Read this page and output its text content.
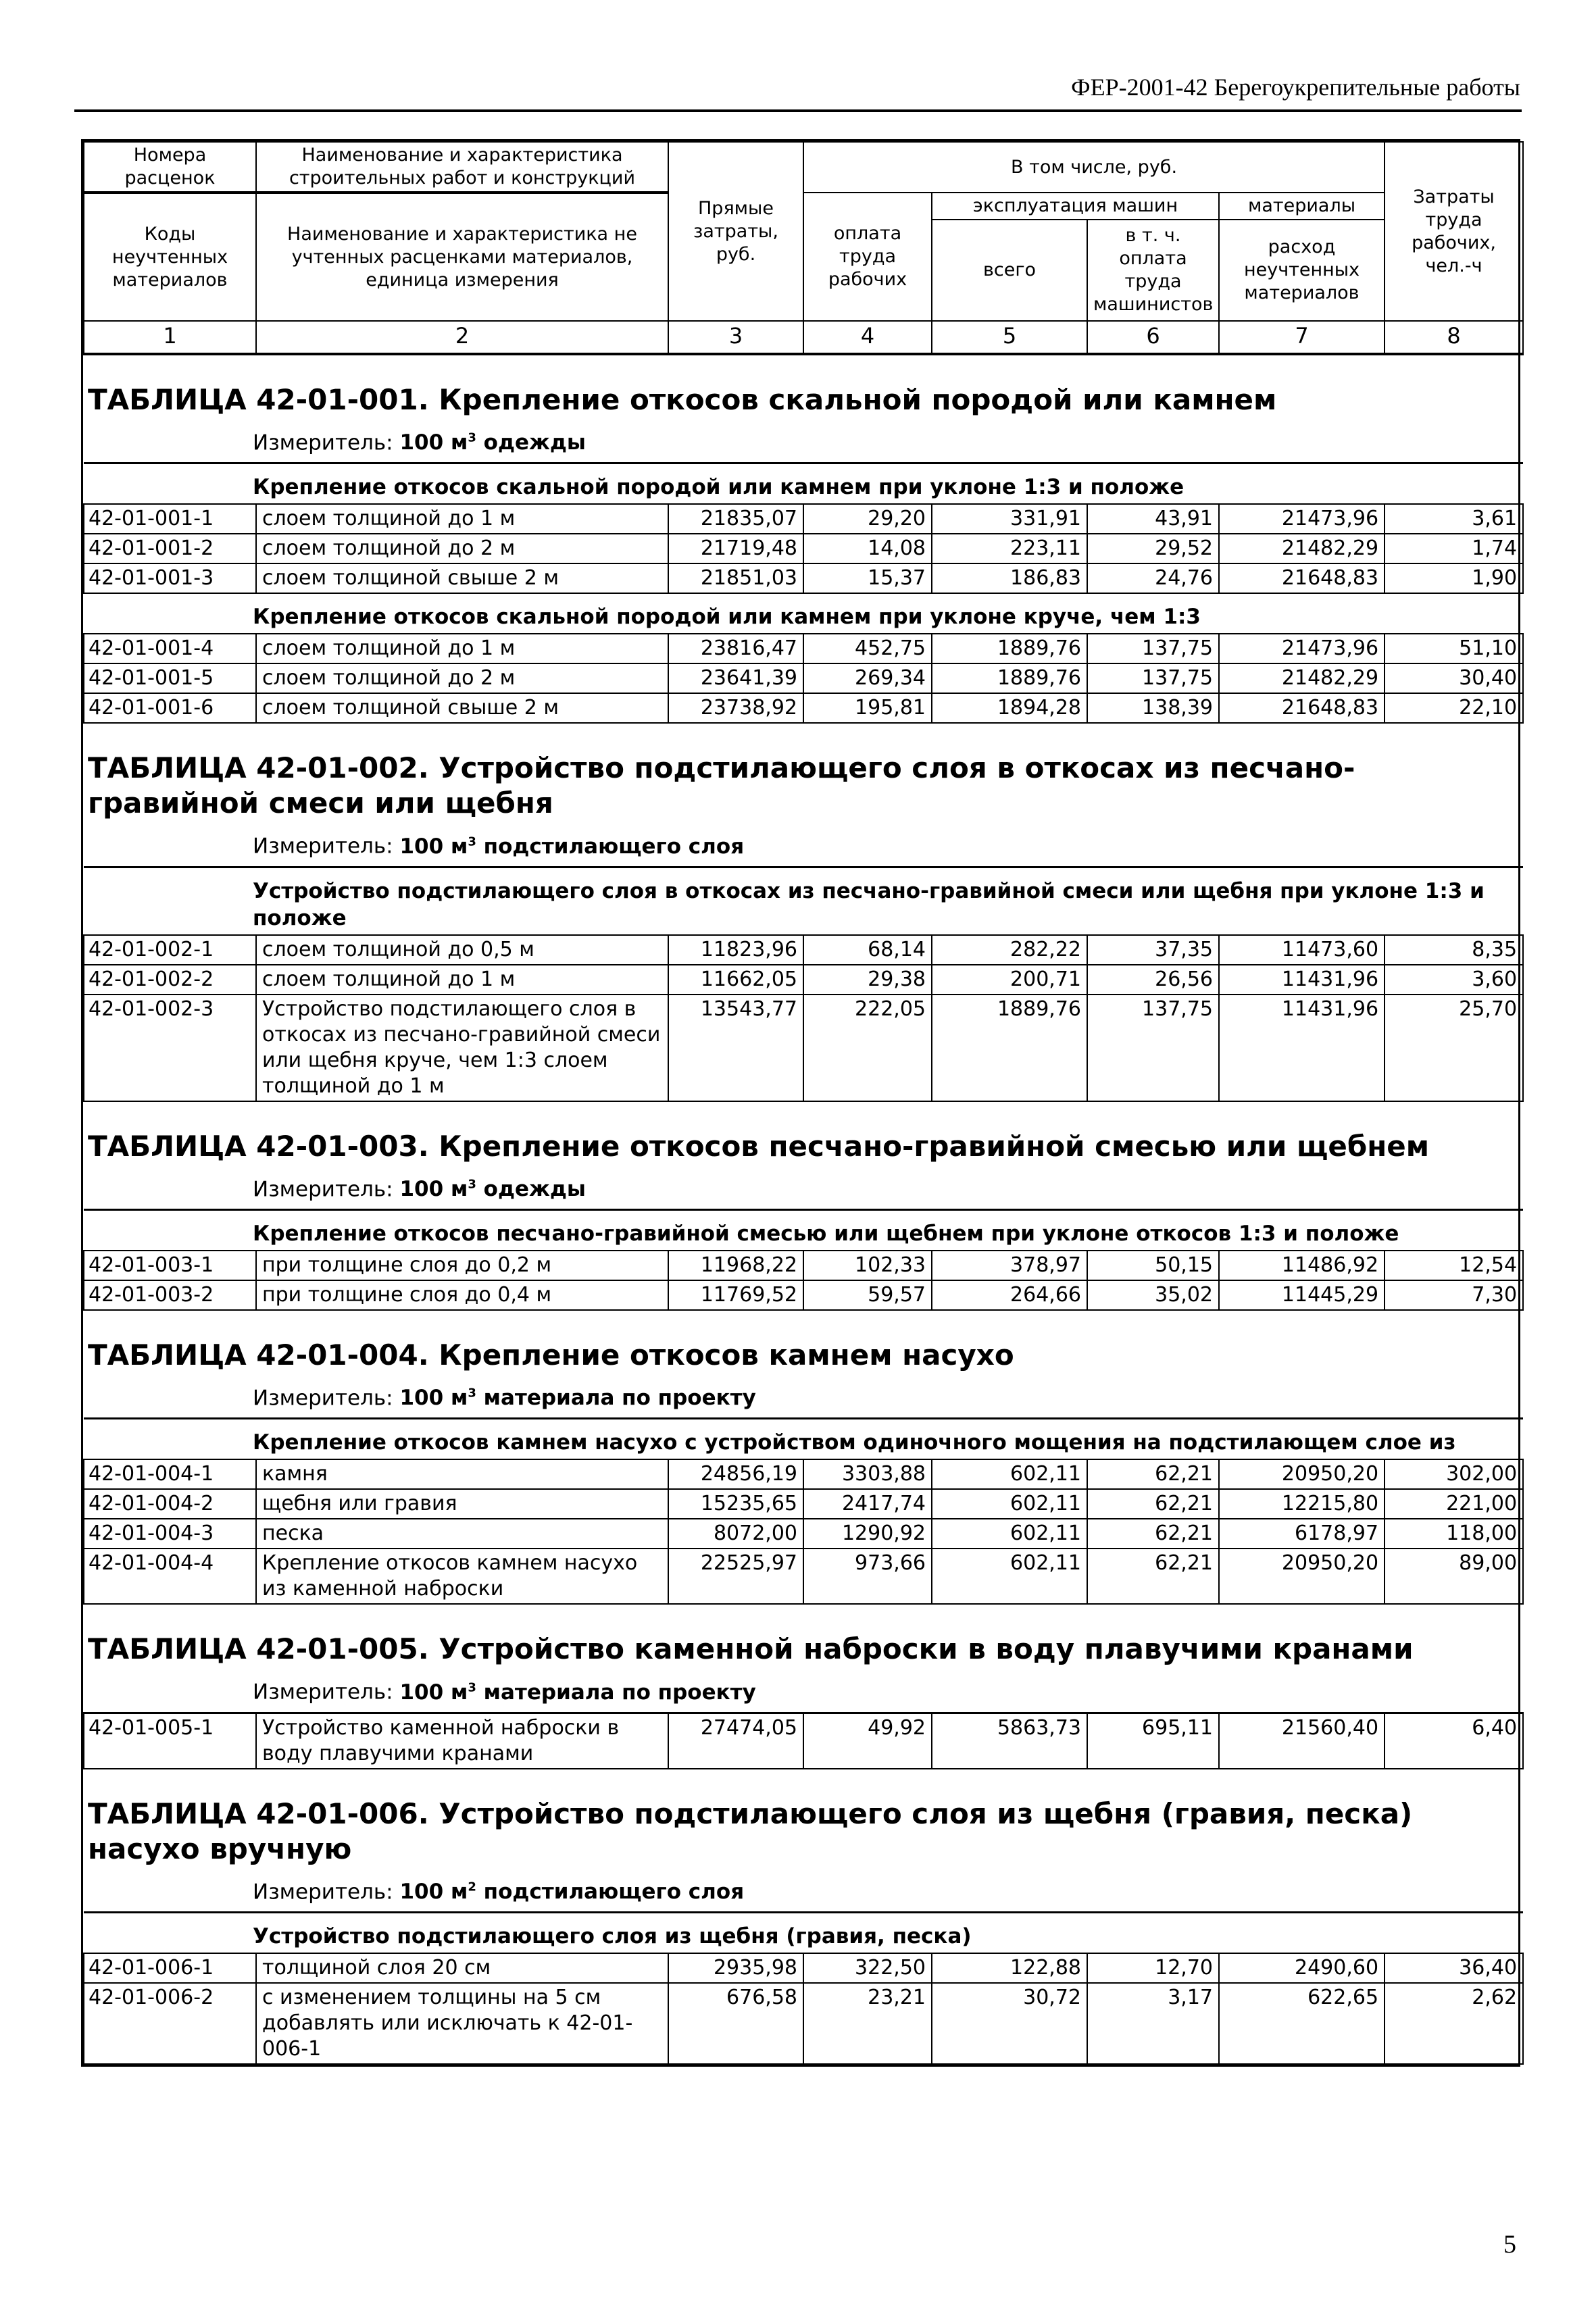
ФЕР-2001-42 Берегоукрепительные работы
Номера расценок	Наименование и характеристика строительных работ и конструкций	Прямые затраты, руб.	В том числе, руб.				Затраты труда рабочих, чел.-ч
Коды неучтенных материалов	Наименование и характеристика не учтенных расценками материалов, единица измерения		оплата труда рабочих	эксплуатация машин		материалы	
				всего	в т. ч. оплата труда машинистов	расход неучтенных материалов	
1	2	3	4	5	6	7	8
ТАБЛИЦА 42-01-001. Крепление откосов скальной породой или камнем							
Измеритель: 100 $м^3$ одежды							
Крепление откосов скальной породой или камнем при уклоне 1:3 и положе							
42-01-001-1	слоем толщиной до 1 м	21835,07	29,20	331,91	43,91	21473,96	3,61
42-01-001-2	слоем толщиной до 2 м	21719,48	14,08	223,11	29,52	21482,29	1,74
42-01-001-3	слоем толщиной свыше 2 м	21851,03	15,37	186,83	24,76	21648,83	1,90
Крепление откосов скальной породой или камнем при уклоне круче, чем 1:3							
42-01-001-4	слоем толщиной до 1 м	23816,47	452,75	1889,76	137,75	21473,96	51,10
42-01-001-5	слоем толщиной до 2 м	23641,39	269,34	1889,76	137,75	21482,29	30,40
42-01-001-6	слоем толщиной свыше 2 м	23738,92	195,81	1894,28	138,39	21648,83	22,10
ТАБЛИЦА 42-01-002. Устройство подстилающего слоя в откосах из песчано-гравийной смеси или щебня							
Измеритель: 100 $м^3$ подстилающего слоя							
Устройство подстилающего слоя в откосах из песчано-гравийной смеси или щебня при уклоне 1:3 и положе							
42-01-002-1	слоем толщиной до 0,5 м	11823,96	68,14	282,22	37,35	11473,60	8,35
42-01-002-2	слоем толщиной до 1 м	11662,05	29,38	200,71	26,56	11431,96	3,60
42-01-002-3	Устройство подстилающего слоя в откосах из песчано-гравийной смеси или щебня круче, чем 1:3 слоем толщиной до 1 м	13543,77	222,05	1889,76	137,75	11431,96	25,70
ТАБЛИЦА 42-01-003. Крепление откосов песчано-гравийной смесью или щебнем							
Измеритель: 100 $м^3$ одежды							
Крепление откосов песчано-гравийной смесью или щебнем при уклоне откосов 1:3 и положе							
42-01-003-1	при толщине слоя до 0,2 м	11968,22	102,33	378,97	50,15	11486,92	12,54
42-01-003-2	при толщине слоя до 0,4 м	11769,52	59,57	264,66	35,02	11445,29	7,30
ТАБЛИЦА 42-01-004. Крепление откосов камнем насухо							
Измеритель: 100 $м^3$ материала по проекту							
Крепление откосов камнем насухо с устройством одиночного мощения на подстилающем слое из							
42-01-004-1	камня	24856,19	3303,88	602,11	62,21	20950,20	302,00
42-01-004-2	щебня или гравия	15235,65	2417,74	602,11	62,21	12215,80	221,00
42-01-004-3	песка	8072,00	1290,92	602,11	62,21	6178,97	118,00
42-01-004-4	Крепление откосов камнем насухо из каменной наброски	22525,97	973,66	602,11	62,21	20950,20	89,00
ТАБЛИЦА 42-01-005. Устройство каменной наброски в воду плавучими кранами							
Измеритель: 100 $м^3$ материала по проекту							
42-01-005-1	Устройство каменной наброски в воду плавучими кранами	27474,05	49,92	5863,73	695,11	21560,40	6,40
ТАБЛИЦА 42-01-006. Устройство подстилающего слоя из щебня (гравия, песка) насухо вручную							
Измеритель: 100 $м^2$ подстилающего слоя							
Устройство подстилающего слоя из щебня (гравия, песка)							
42-01-006-1	толщиной слоя 20 см	2935,98	322,50	122,88	12,70	2490,60	36,40
42-01-006-2	с изменением толщины на 5 см добавлять или исключать к 42-01-006-1	676,58	23,21	30,72	3,17	622,65	2,62
5
